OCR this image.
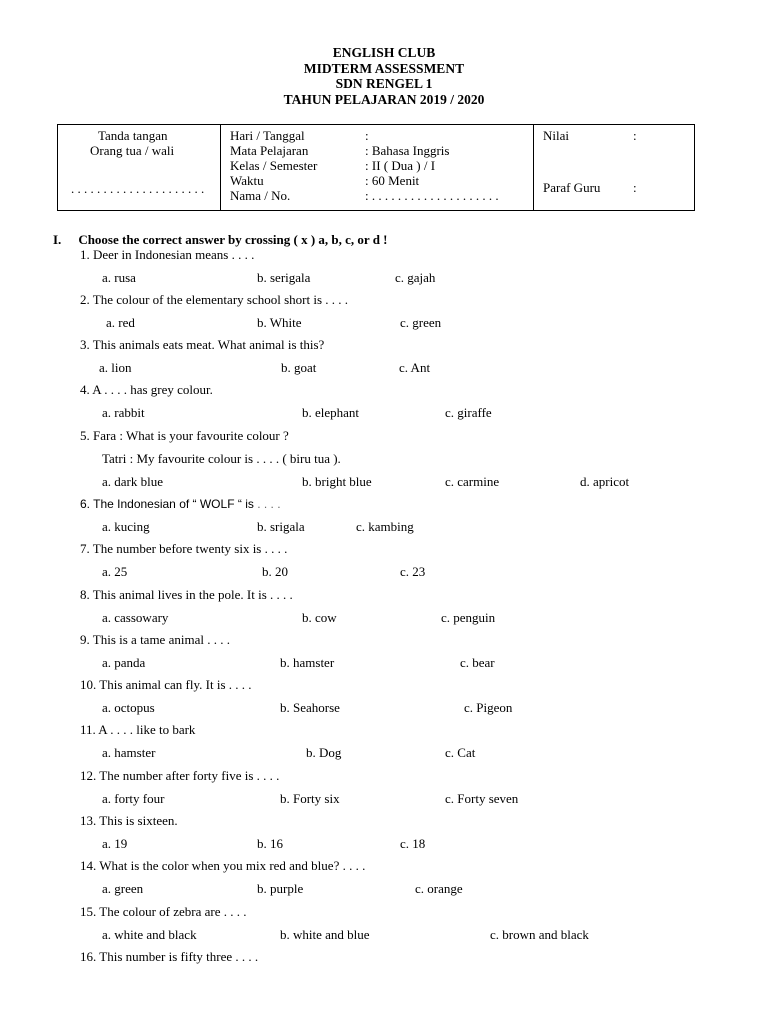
ENGLISH CLUB
MIDTERM ASSESSMENT
SDN RENGEL 1
TAHUN PELAJARAN 2019 / 2020
Tanda tangan
Orang tua / wali
. . . . . . . . . . . . . . . . . . . . .
Hari / Tanggal	:
Mata Pelajaran	: Bahasa Inggris
Kelas / Semester	: II ( Dua ) / I
Waktu	: 60 Menit
Nama / No.	: . . . . . . . . . . . . . . . . . . . .
Nilai	:
Paraf Guru	:
I. Choose the correct answer by crossing ( x ) a, b, c, or d !
1. Deer in Indonesian means . . . .
a. rusa	b. serigala	c. gajah
2. The colour of the elementary school short is . . . .
a. red	b. White	c. green
3. This animals eats meat. What animal is this?
a. lion	b. goat	c. Ant
4. A . . . . has grey colour.
a. rabbit	b. elephant	c. giraffe
5. Fara : What is your favourite colour ?
Tatri : My favourite colour is . . . . ( biru tua ).
a. dark blue	b. bright blue	c. carmine	d. apricot
6. The Indonesian of “ WOLF “ is . . . .
a. kucing	b. srigala	c. kambing
7. The number before twenty six is . . . .
a. 25	b. 20	c. 23
8. This animal lives in the pole. It is . . . .
a. cassowary	b. cow	c. penguin
9. This is a tame animal . . . .
a. panda	b. hamster	c. bear
10. This animal can fly. It is . . . .
a. octopus	b. Seahorse	c. Pigeon
11. A . . . . like to bark
a. hamster	b. Dog	c. Cat
12. The number after forty five is . . . .
a. forty four	b. Forty six	c. Forty seven
13. This is sixteen.
a. 19	b. 16	c. 18
14. What is the color when you mix red and blue? . . . .
a. green	b. purple	c. orange
15. The colour of zebra are . . . .
a. white and black	b. white and blue	c. brown and black
16. This number is fifty three . . . .
